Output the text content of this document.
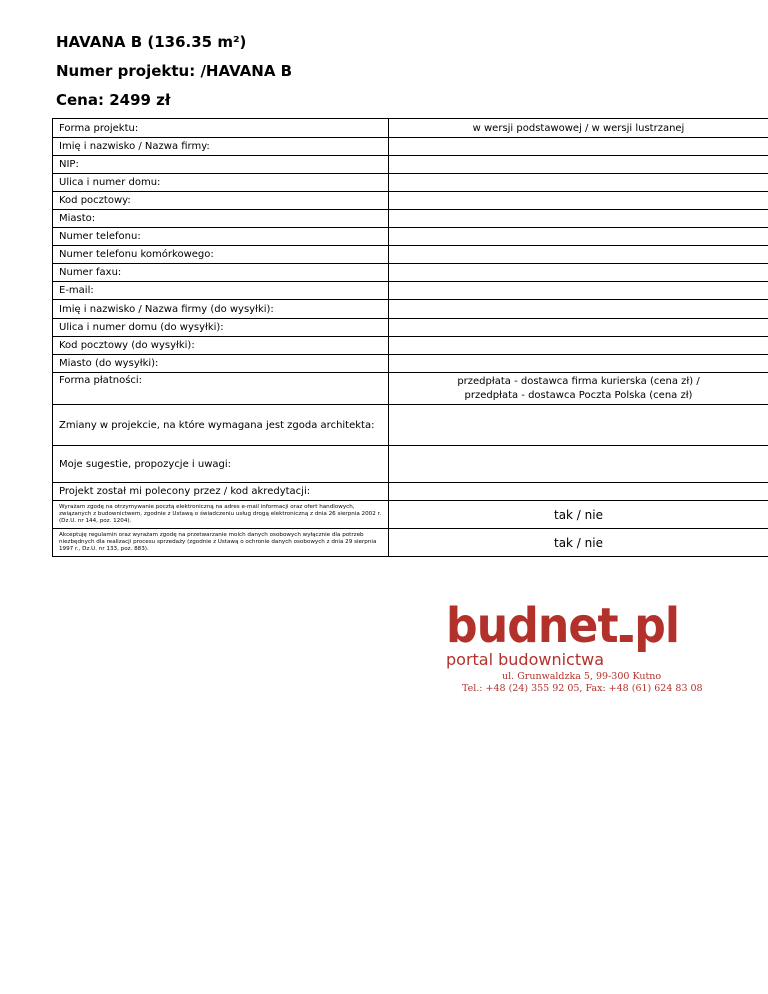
HAVANA B (136.35 m²)
Numer projektu: /HAVANA B
Cena: 2499 zł
Forma projektu:	w wersji podstawowej / w wersji lustrzanej
Imię i nazwisko / Nazwa firmy:	
NIP:	
Ulica i numer domu:	
Kod pocztowy:	
Miasto:	
Numer telefonu:	
Numer telefonu komórkowego:	
Numer faxu:	
E-mail:	
Imię i nazwisko / Nazwa firmy (do wysyłki):	
Ulica i numer domu (do wysyłki):	
Kod pocztowy (do wysyłki):	
Miasto (do wysyłki):	
Forma płatności:	przedpłata - dostawca firma kurierska (cena zł) /
przedpłata - dostawca Poczta Polska (cena zł)

Zmiany w projekcie, na które wymagana jest zgoda architekta:	
Moje sugestie, propozycje i uwagi:	
Projekt został mi polecony przez / kod akredytacji:	
Wyrażam zgodę na otrzymywanie pocztą elektroniczną na adres e-mail informacji oraz ofert handlowych, związanych z budownictwem, zgodnie z Ustawą o świadczeniu usług drogą elektroniczną z dnia 26 sierpnia 2002 r. (Dz.U. nr 144, poz. 1204).	tak / nie
Akceptuję regulamin oraz wyrażam zgodę na przetwarzanie moich danych osobowych wyłącznie dla potrzeb niezbędnych dla realizacji procesu sprzedaży (zgodnie z Ustawą o ochronie danych osobowych z dnia 29 sierpnia 1997 r., Dz.U. nr 133, poz. 883).	tak / nie
budnet pl
portal budownictwa
ul. Grunwaldzka 5, 99-300 Kutno
Tel.: +48 (24) 355 92 05, Fax: +48 (61) 624 83 08
